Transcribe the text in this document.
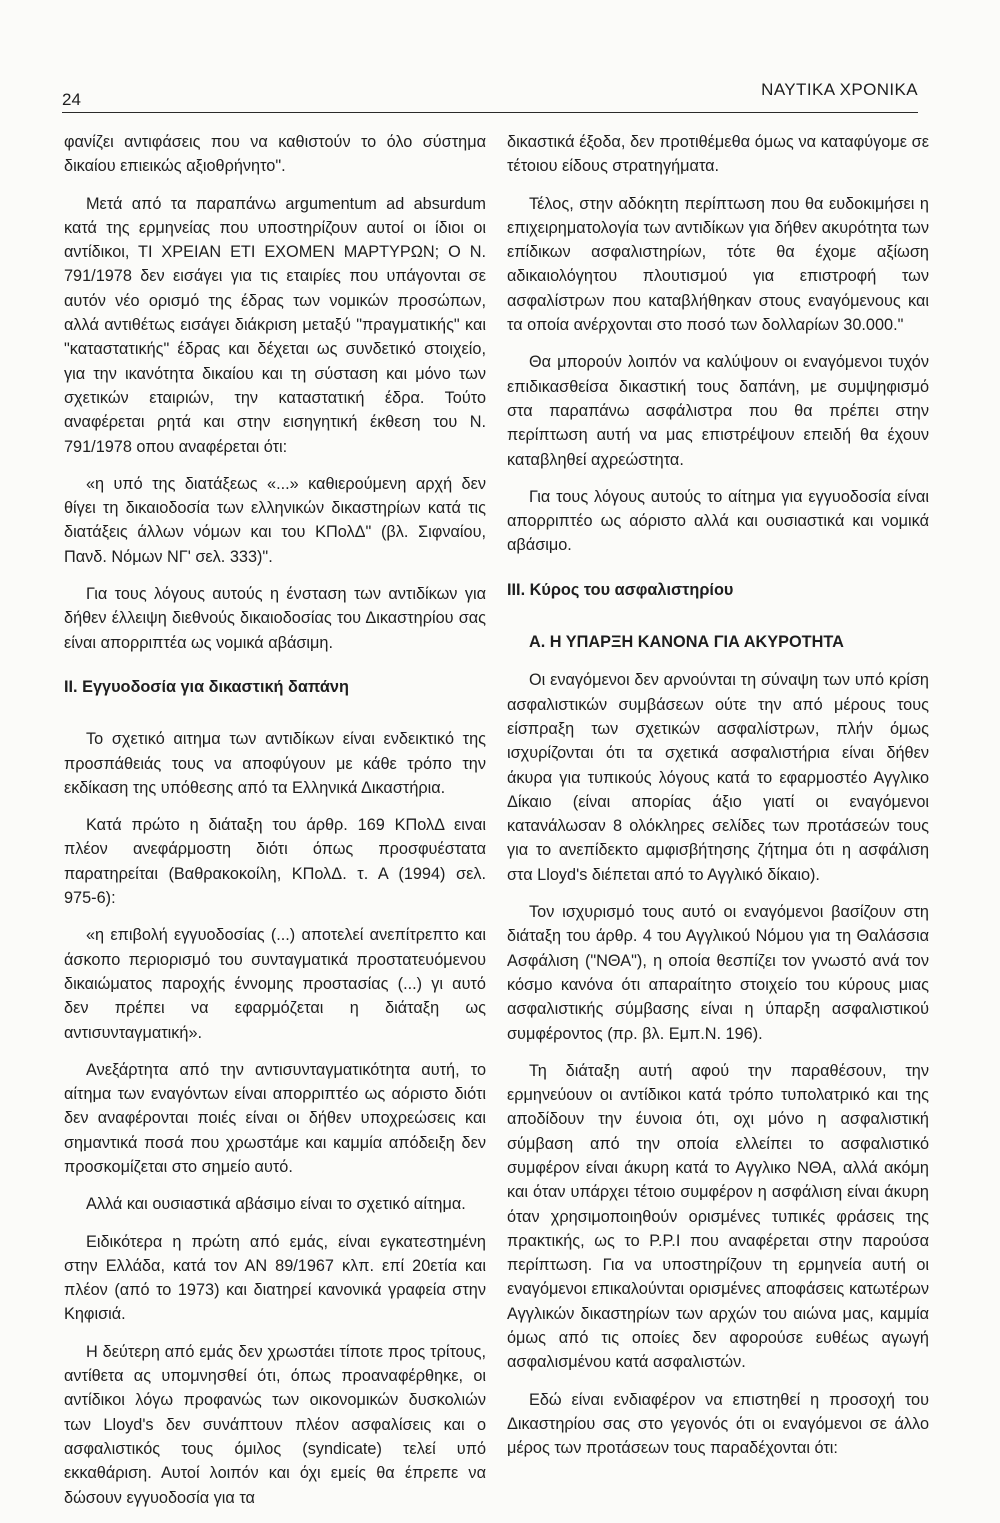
24
ΝΑΥΤΙΚΑ ΧΡΟΝΙΚΑ

φανίζει αντιφάσεις που να καθιστούν το όλο σύστημα δικαίου επιεικώς αξιοθρήνητο".

Μετά από τα παραπάνω argumentum ad absurdum κατά της ερμηνείας που υποστηρίζουν αυτοί οι ίδιοι οι αντίδικοι, ΤΙ ΧΡΕΙΑΝ ΕΤΙ ΕΧΟΜΕΝ ΜΑΡΤΥΡΩΝ; Ο Ν. 791/1978 δεν εισάγει για τις εταιρίες που υπάγονται σε αυτόν νέο ορισμό της έδρας των νομικών προσώπων, αλλά αντιθέτως εισάγει διάκριση μεταξύ "πραγματικής" και "καταστατικής" έδρας και δέχεται ως συνδετικό στοιχείο, για την ικανότητα δικαίου και τη σύσταση και μόνο των σχετικών εταιριών, την καταστατική έδρα. Τούτο αναφέρεται ρητά και στην εισηγητική έκθεση του Ν. 791/1978 οπου αναφέρεται ότι:

«η υπό της διατάξεως «...» καθιερούμενη αρχή δεν θίγει τη δικαιοδοσία των ελληνικών δικαστηρίων κατά τις διατάξεις άλλων νόμων και του ΚΠολΔ" (βλ. Σιφναίου, Πανδ. Νόμων ΝΓ' σελ. 333)".

Για τους λόγους αυτούς η ένσταση των αντιδίκων για δήθεν έλλειψη διεθνούς δικαιοδοσίας του Δικαστηρίου σας είναι απορριπτέα ως νομικά αβάσιμη.

ΙΙ. Εγγυοδοσία για δικαστική δαπάνη

Το σχετικό αιτημα των αντιδίκων είναι ενδεικτικό της προσπάθειάς τους να αποφύγουν με κάθε τρόπο την εκδίκαση της υπόθεσης από τα Ελληνικά Δικαστήρια.

Κατά πρώτο η διάταξη του άρθρ. 169 ΚΠολΔ ειναι πλέον ανεφάρμοστη διότι όπως προσφυέστατα παρατηρείται (Βαθρακοκοίλη, ΚΠολΔ. τ. Α (1994) σελ. 975-6):

«η επιβολή εγγυοδοσίας (...) αποτελεί ανεπίτρεπτο και άσκοπο περιορισμό του συνταγματικά προστατευόμενου δικαιώματος παροχής έννομης προστασίας (...) γι αυτό δεν πρέπει να εφαρμόζεται η διάταξη ως αντισυνταγματική».

Ανεξάρτητα από την αντισυνταγματικότητα αυτή, το αίτημα των εναγόντων είναι απορριπτέο ως αόριστο διότι δεν αναφέρονται ποιές είναι οι δήθεν υποχρεώσεις και σημαντικά ποσά που χρωστάμε και καμμία απόδειξη δεν προσκομίζεται στο σημείο αυτό.

Αλλά και ουσιαστικά αβάσιμο είναι το σχετικό αίτημα.

Ειδικότερα η πρώτη από εμάς, είναι εγκατεστημένη στην Ελλάδα, κατά τον ΑΝ 89/1967 κλπ. επί 20ετία και πλέον (από το 1973) και διατηρεί κανονικά γραφεία στην Κηφισιά.

Η δεύτερη από εμάς δεν χρωστάει τίποτε προς τρίτους, αντίθετα ας υπομνησθεί ότι, όπως προαναφέρθηκε, οι αντίδικοι λόγω προφανώς των οικονομικών δυσκολιών των Lloyd's δεν συνάπτουν πλέον ασφαλίσεις και ο ασφαλιστικός τους όμιλος (syndicate) τελεί υπό εκκαθάριση. Αυτοί λοιπόν και όχι εμείς θα έπρεπε να δώσουν εγγυοδοσία για τα

δικαστικά έξοδα, δεν προτιθέμεθα όμως να καταφύγομε σε τέτοιου είδους στρατηγήματα.

Τέλος, στην αδόκητη περίπτωση που θα ευδοκιμήσει η επιχειρηματολογία των αντιδίκων για δήθεν ακυρότητα των επίδικων ασφαλιστηρίων, τότε θα έχομε αξίωση αδικαιολόγητου πλουτισμού για επιστροφή των ασφαλίστρων που καταβλήθηκαν στους εναγόμενους και τα οποία ανέρχονται στο ποσό των δολλαρίων 30.000."

Θα μπορούν λοιπόν να καλύψουν οι εναγόμενοι τυχόν επιδικασθείσα δικαστική τους δαπάνη, με συμψηφισμό στα παραπάνω ασφάλιστρα που θα πρέπει στην περίπτωση αυτή να μας επιστρέψουν επειδή θα έχουν καταβληθεί αχρεώστητα.

Για τους λόγους αυτούς το αίτημα για εγγυοδοσία είναι απορριπτέο ως αόριστο αλλά και ουσιαστικά και νομικά αβάσιμο.

ΙΙΙ. Κύρος του ασφαλιστηρίου
Α. Η ΥΠΑΡΞΗ ΚΑΝΟΝΑ ΓΙΑ ΑΚΥΡΟΤΗΤΑ

Οι εναγόμενοι δεν αρνούνται τη σύναψη των υπό κρίση ασφαλιστικών συμβάσεων ούτε την από μέρους τους είσπραξη των σχετικών ασφαλίστρων, πλήν όμως ισχυρίζονται ότι τα σχετικά ασφαλιστήρια είναι δήθεν άκυρα για τυπικούς λόγους κατά το εφαρμοστέο Αγγλικο Δίκαιο (είναι απορίας άξιο γιατί οι εναγόμενοι κατανάλωσαν 8 ολόκληρες σελίδες των προτάσεών τους για το ανεπίδεκτο αμφισβήτησης ζήτημα ότι η ασφάλιση στα Lloyd's διέπεται από το Αγγλικό δίκαιο).

Τον ισχυρισμό τους αυτό οι εναγόμενοι βασίζουν στη διάταξη του άρθρ. 4 του Αγγλικού Νόμου για τη Θαλάσσια Ασφάλιση ("ΝΘΑ"), η οποία θεσπίζει τον γνωστό ανά τον κόσμο κανόνα ότι απαραίτητο στοιχείο του κύρους μιας ασφαλιστικής σύμβασης είναι η ύπαρξη ασφαλιστικού συμφέροντος (πρ. βλ. Εμπ.Ν. 196).

Τη διάταξη αυτή αφού την παραθέσουν, την ερμηνεύουν οι αντίδικοι κατά τρόπο τυπολατρικό και της αποδίδουν την έυνοια ότι, οχι μόνο η ασφαλιστική σύμβαση από την οποία ελλείπει το ασφαλιστικό συμφέρον είναι άκυρη κατά το Αγγλικο ΝΘΑ, αλλά ακόμη και όταν υπάρχει τέτοιο συμφέρον η ασφάλιση είναι άκυρη όταν χρησιμοποιηθούν ορισμένες τυπικές φράσεις της πρακτικής, ως το P.P.I που αναφέρεται στην παρούσα περίπτωση. Για να υποστηρίζουν τη ερμηνεία αυτή οι εναγόμενοι επικαλούνται ορισμένες αποφάσεις κατωτέρων Αγγλικών δικαστηρίων των αρχών του αιώνα μας, καμμία όμως από τις οποίες δεν αφορούσε ευθέως αγωγή ασφαλισμένου κατά ασφαλιστών.

Εδώ είναι ενδιαφέρον να επιστηθεί η προσοχή του Δικαστηρίου σας στο γεγονός ότι οι εναγόμενοι σε άλλο μέρος των προτάσεων τους παραδέχονται ότι:
